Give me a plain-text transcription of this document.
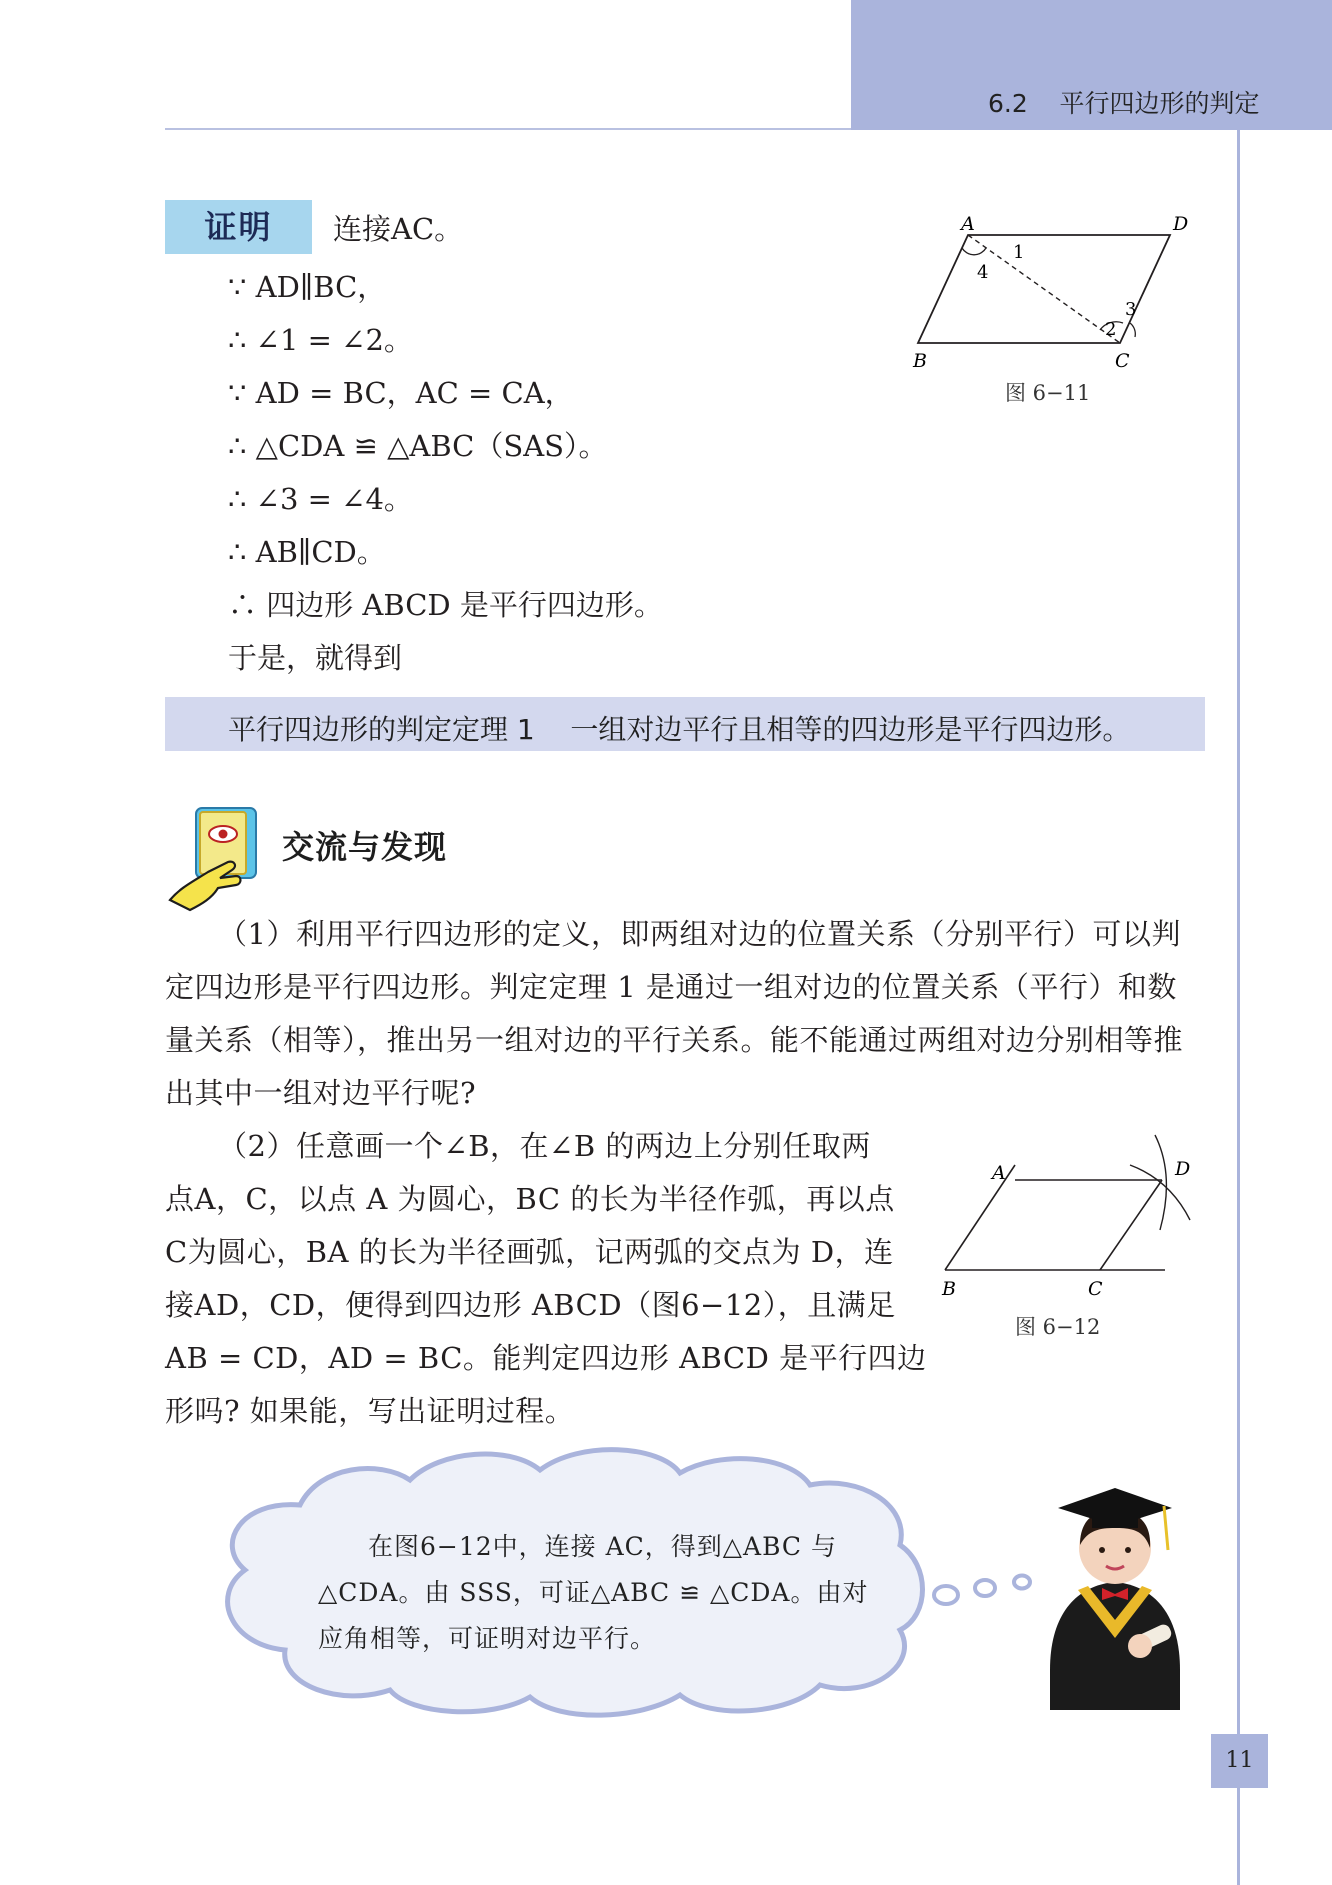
6.2    平行四边形的判定
证明	连接AC。
∵ AD∥BC，
∴ ∠1 = ∠2。
∵ AD = BC，AC = CA，
∴ △CDA ≌ △ABC（SAS）。
∴ ∠3 = ∠4。
∴ AB∥CD。
∴ 四边形 ABCD 是平行四边形。
于是，就得到
A	D
B	C
1
4
2
3
图 6−11
平行四边形的判定定理 1    一组对边平行且相等的四边形是平行四边形。
交流与发现
（1）利用平行四边形的定义，即两组对边的位置关系（分别平行）可以判
定四边形是平行四边形。判定定理 1 是通过一组对边的位置关系（平行）和数
量关系（相等），推出另一组对边的平行关系。能不能通过两组对边分别相等推
出其中一组对边平行呢?
（2）任意画一个∠B，在∠B 的两边上分别任取两
点A，C，以点 A 为圆心，BC 的长为半径作弧，再以点
C为圆心，BA 的长为半径画弧，记两弧的交点为 D，连
接AD，CD，便得到四边形 ABCD（图6−12），且满足
AB = CD，AD = BC。能判定四边形 ABCD 是平行四边
形吗? 如果能，写出证明过程。
A	D
B	C
图 6−12
在图6−12中，连接 AC，得到△ABC 与
△CDA。由 SSS，可证△ABC ≌ △CDA。由对
应角相等，可证明对边平行。
11
